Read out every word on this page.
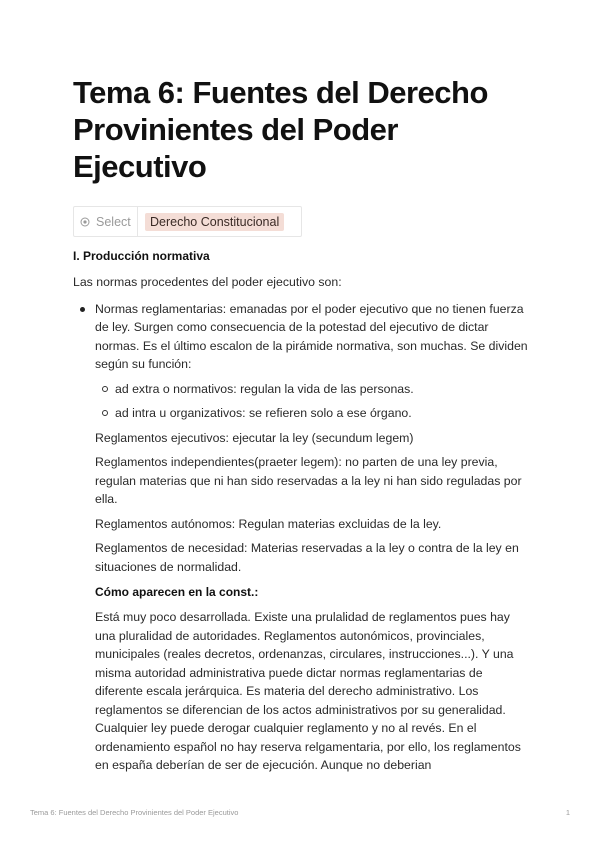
Tema 6: Fuentes del Derecho Provinientes del Poder Ejecutivo
Select	Derecho Constitucional
I. Producción normativa
Las normas procedentes del poder ejecutivo son:
Normas reglamentarias: emanadas por el poder ejecutivo que no tienen fuerza de ley. Surgen como consecuencia de la potestad del ejecutivo de dictar normas. Es el último escalon de la pirámide normativa, son muchas. Se dividen según su función:
ad extra o normativos: regulan la vida de las personas.
ad intra u organizativos: se refieren solo a ese órgano.
Reglamentos ejecutivos: ejecutar la ley (secundum legem)
Reglamentos independientes(praeter legem): no parten de una ley previa, regulan materias que ni han sido reservadas a la ley ni han sido reguladas por ella.
Reglamentos autónomos: Regulan materias excluidas de la ley.
Reglamentos de necesidad: Materias reservadas a la ley o contra de la ley en situaciones de normalidad.
Cómo aparecen en la const.:
Está muy poco desarrollada. Existe una prulalidad de reglamentos pues hay una pluralidad de autoridades. Reglamentos autonómicos, provinciales, municipales (reales decretos, ordenanzas, circulares, instrucciones...). Y una misma autoridad administrativa puede dictar normas reglamentarias de diferente escala jerárquica. Es materia del derecho administrativo. Los reglamentos se diferencian de los actos administrativos por su generalidad. Cualquier ley puede derogar cualquier reglamento y no al revés. En el ordenamiento español no hay reserva relgamentaria, por ello, los reglamentos en españa deberían de ser de ejecución. Aunque no deberian
Tema 6: Fuentes del Derecho Provinientes del Poder Ejecutivo	1
